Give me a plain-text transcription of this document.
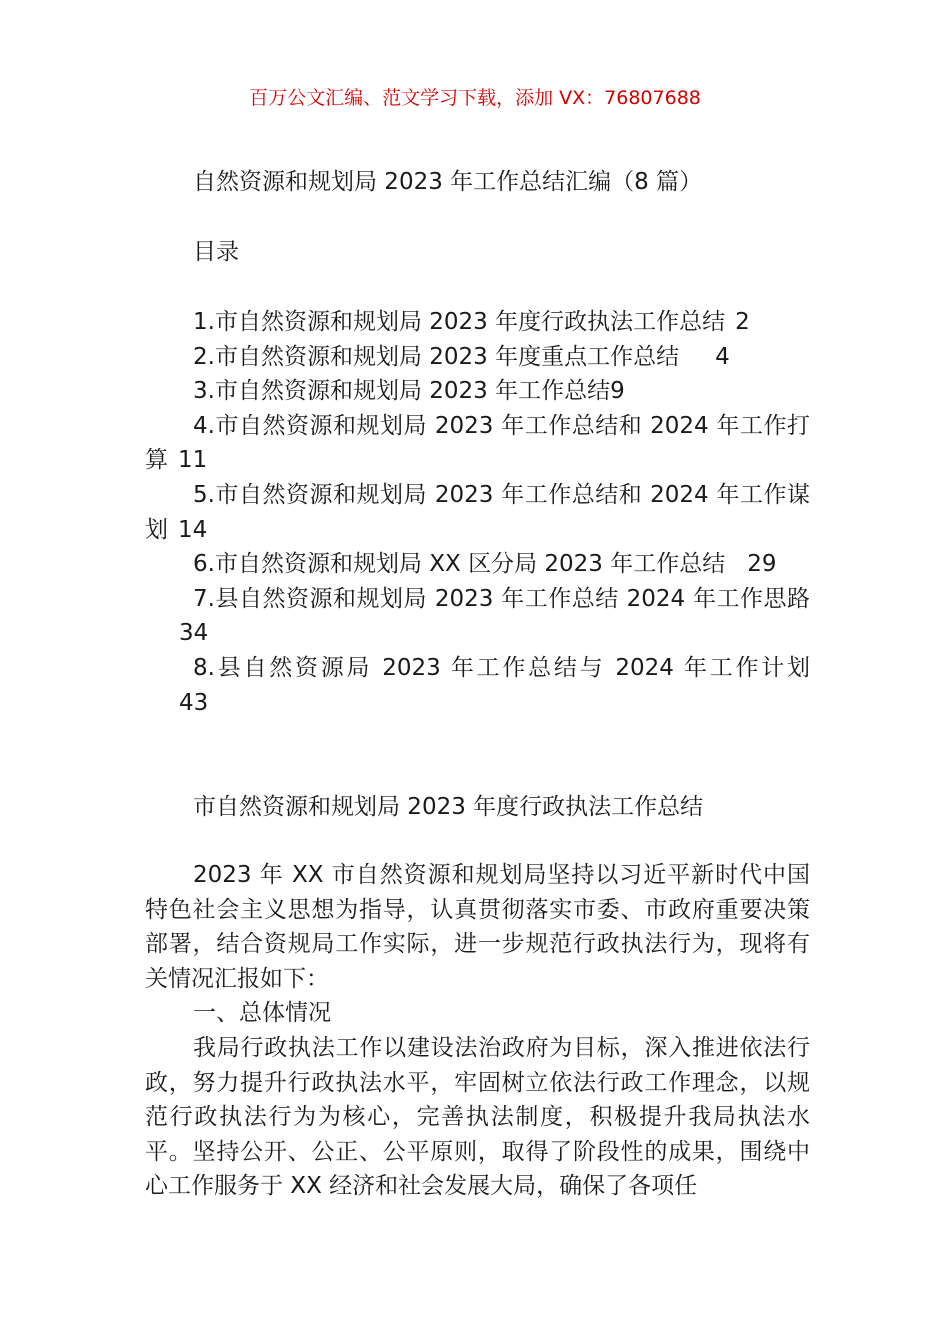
百万公文汇编、范文学习下载，添加 VX：76807688
自然资源和规划局 2023 年工作总结汇编（8 篇）
目录
1.市自然资源和规划局 2023 年度行政执法工作总结 2
2.市自然资源和规划局 2023 年度重点工作总结 4
3.市自然资源和规划局 2023 年工作总结9
4.市自然资源和规划局 2023 年工作总结和 2024 年工作打算 11
5.市自然资源和规划局 2023 年工作总结和 2024 年工作谋划 14
6.市自然资源和规划局 XX 区分局 2023 年工作总结 29
7.县自然资源和规划局 2023 年工作总结 2024 年工作思路34
8.县自然资源局 2023 年工作总结与 2024 年工作计划43
市自然资源和规划局 2023 年度行政执法工作总结

2023 年 XX 市自然资源和规划局坚持以习近平新时代中国特色社会主义思想为指导，认真贯彻落实市委、市政府重要决策部署，结合资规局工作实际，进一步规范行政执法行为，现将有关情况汇报如下：

一、总体情况

我局行政执法工作以建设法治政府为目标，深入推进依法行政，努力提升行政执法水平，牢固树立依法行政工作理念，以规范行政执法行为为核心，完善执法制度，积极提升我局执法水平。坚持公开、公正、公平原则，取得了阶段性的成果，围绕中心工作服务于 XX 经济和社会发展大局，确保了各项任
